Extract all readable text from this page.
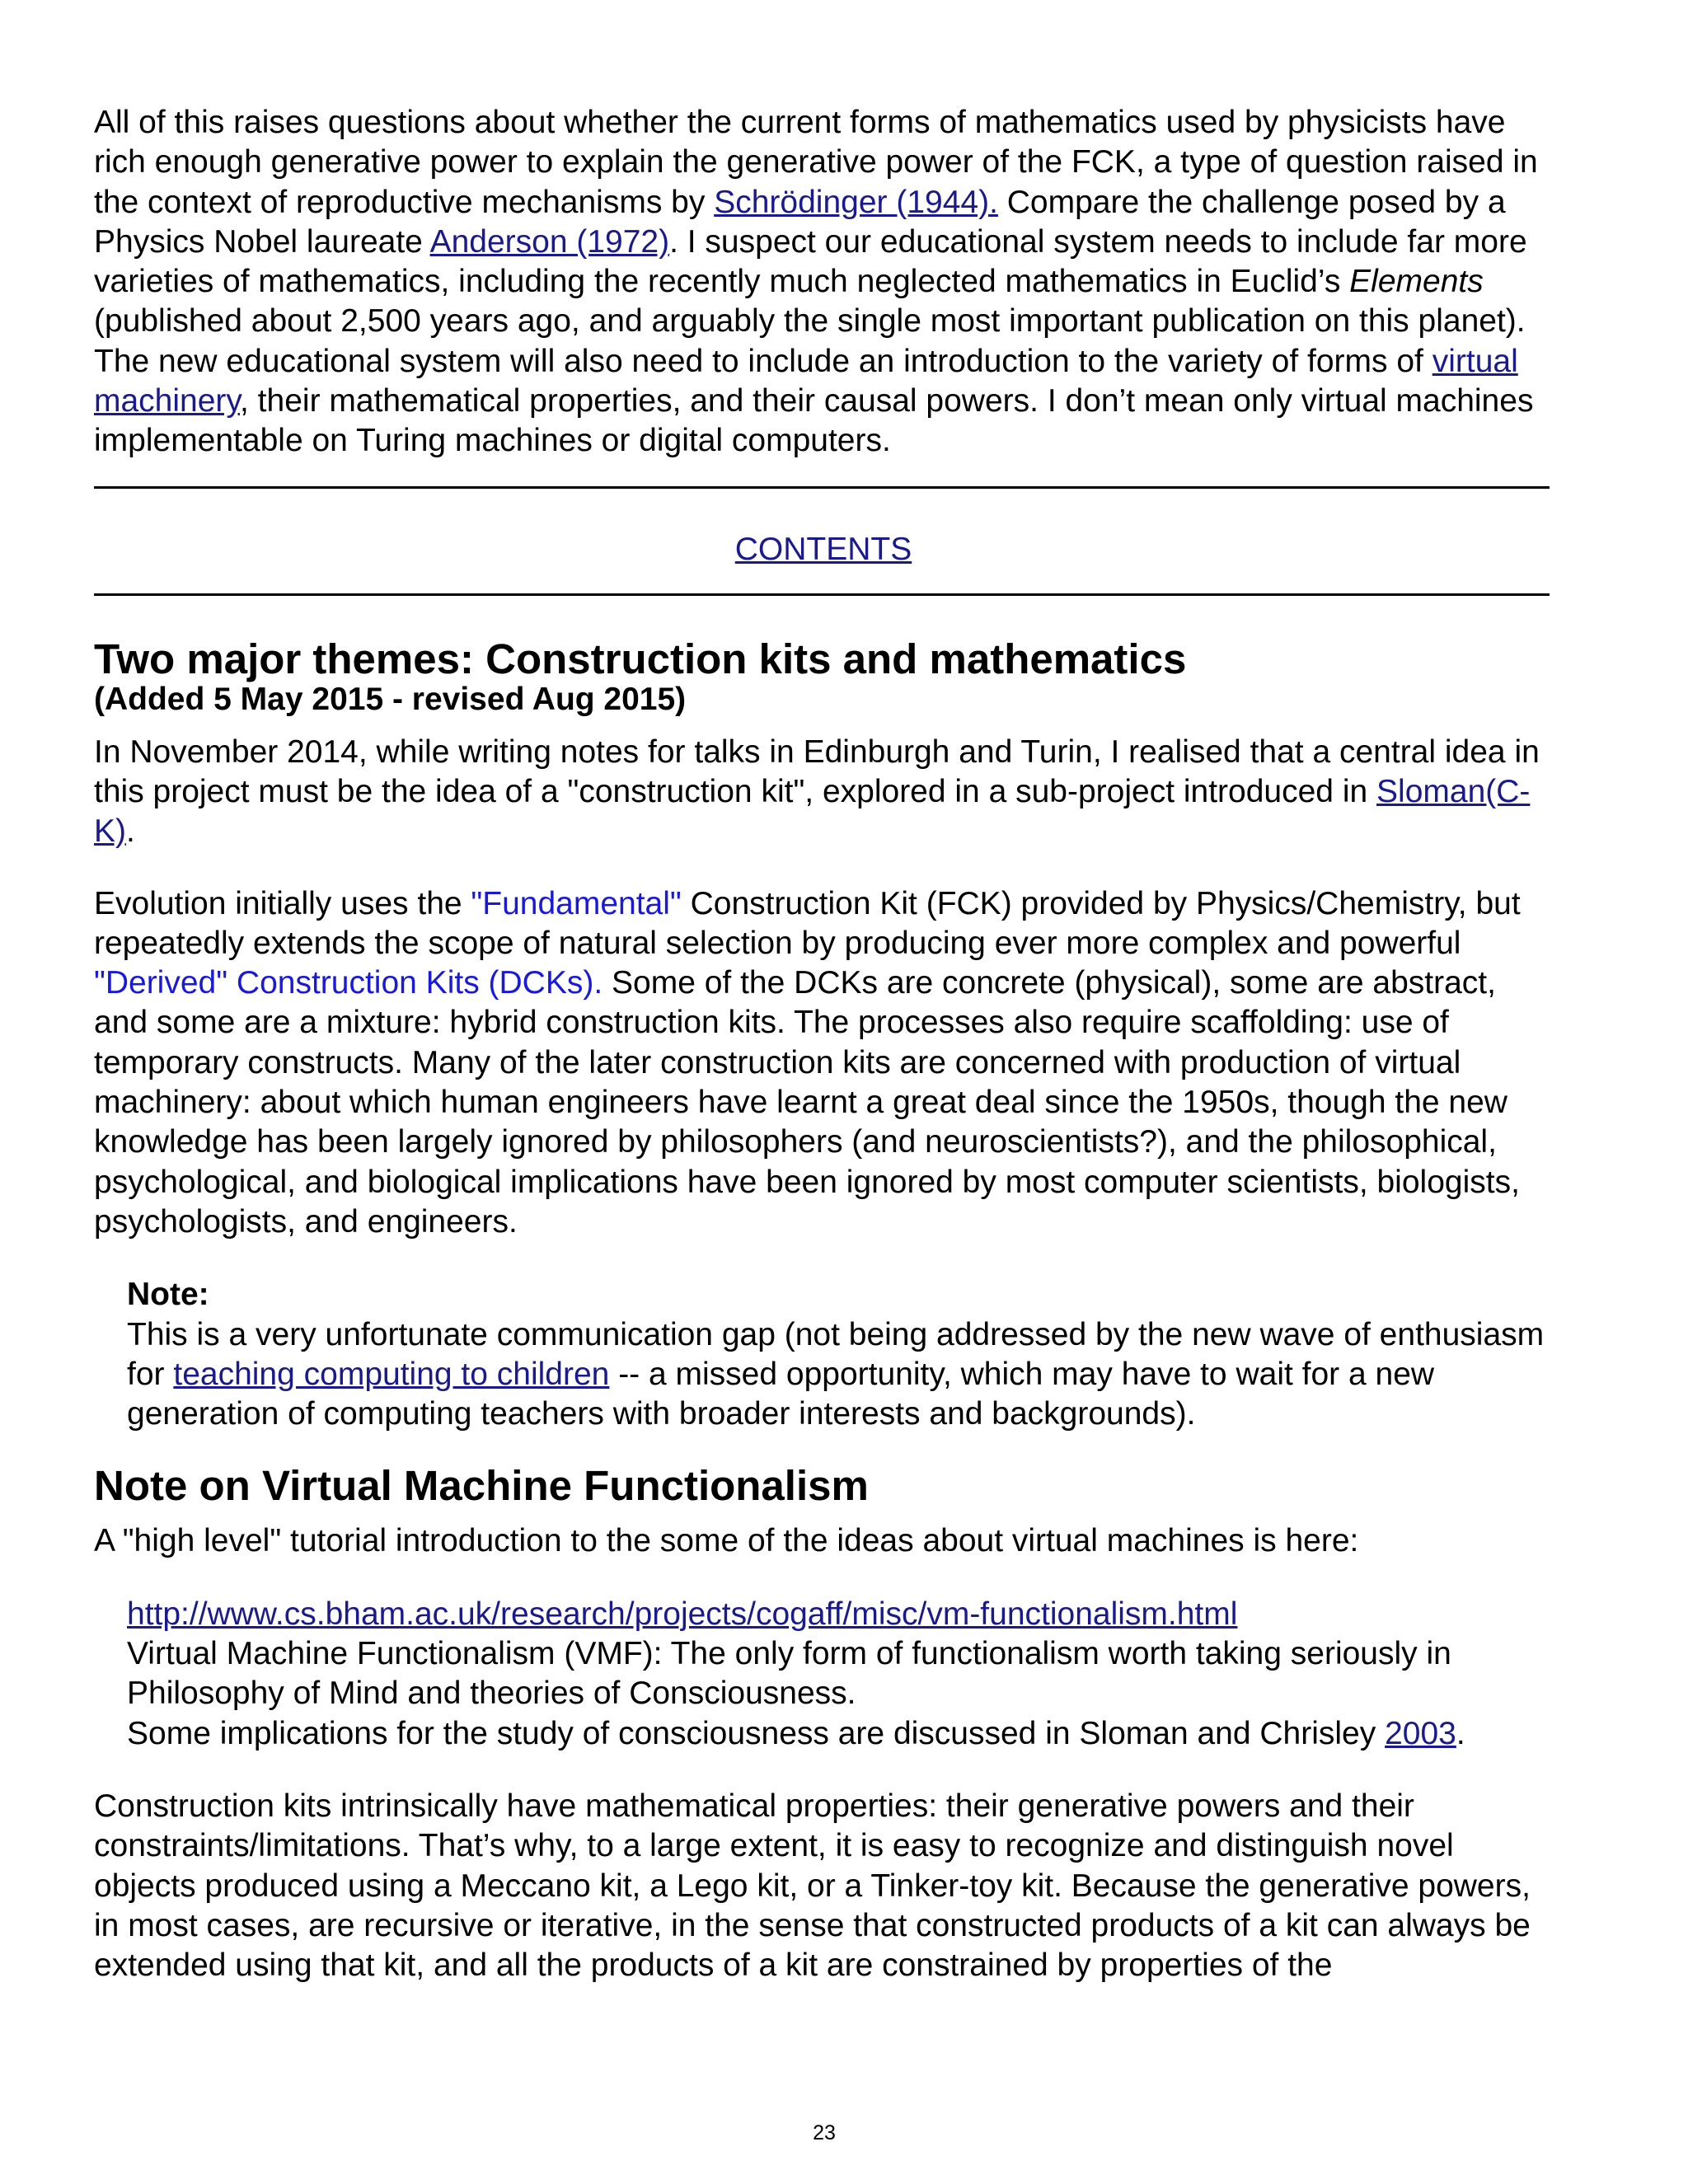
All of this raises questions about whether the current forms of mathematics used by physicists have rich enough generative power to explain the generative power of the FCK, a type of question raised in the context of reproductive mechanisms by Schrödinger (1944). Compare the challenge posed by a Physics Nobel laureate Anderson (1972). I suspect our educational system needs to include far more varieties of mathematics, including the recently much neglected mathematics in Euclid’s Elements (published about 2,500 years ago, and arguably the single most important publication on this planet). The new educational system will also need to include an introduction to the variety of forms of virtual machinery, their mathematical properties, and their causal powers. I don’t mean only virtual machines implementable on Turing machines or digital computers.

CONTENTS
Two major themes: Construction kits and mathematics
(Added 5 May 2015 - revised Aug 2015)

In November 2014, while writing notes for talks in Edinburgh and Turin, I realised that a central idea in this project must be the idea of a "construction kit", explored in a sub-project introduced in Sloman(C-K).

Evolution initially uses the "Fundamental" Construction Kit (FCK) provided by Physics/Chemistry, but repeatedly extends the scope of natural selection by producing ever more complex and powerful "Derived" Construction Kits (DCKs). Some of the DCKs are concrete (physical), some are abstract, and some are a mixture: hybrid construction kits. The processes also require scaffolding: use of temporary constructs. Many of the later construction kits are concerned with production of virtual machinery: about which human engineers have learnt a great deal since the 1950s, though the new knowledge has been largely ignored by philosophers (and neuroscientists?), and the philosophical, psychological, and biological implications have been ignored by most computer scientists, biologists, psychologists, and engineers.

Note:
This is a very unfortunate communication gap (not being addressed by the new wave of enthusiasm for teaching computing to children -- a missed opportunity, which may have to wait for a new generation of computing teachers with broader interests and backgrounds).
Note on Virtual Machine Functionalism

A "high level" tutorial introduction to the some of the ideas about virtual machines is here:

http://www.cs.bham.ac.uk/research/projects/cogaff/misc/vm-functionalism.html
Virtual Machine Functionalism (VMF): The only form of functionalism worth taking seriously in Philosophy of Mind and theories of Consciousness.
Some implications for the study of consciousness are discussed in Sloman and Chrisley 2003.

Construction kits intrinsically have mathematical properties: their generative powers and their constraints/limitations. That’s why, to a large extent, it is easy to recognize and distinguish novel objects produced using a Meccano kit, a Lego kit, or a Tinker-toy kit. Because the generative powers, in most cases, are recursive or iterative, in the sense that constructed products of a kit can always be extended using that kit, and all the products of a kit are constrained by properties of the

23
